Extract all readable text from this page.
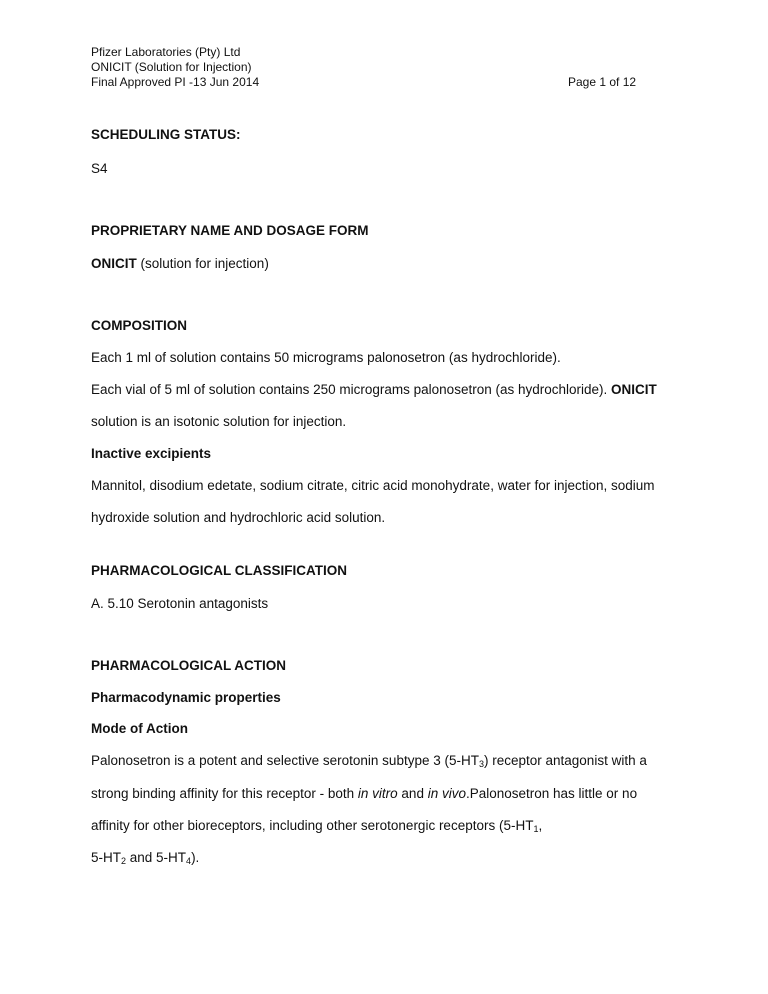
Pfizer Laboratories (Pty) Ltd
ONICIT (Solution for Injection)
Final Approved PI -13 Jun 2014	Page 1 of 12
SCHEDULING STATUS:
S4
PROPRIETARY NAME AND DOSAGE FORM
ONICIT (solution for injection)
COMPOSITION
Each 1 ml of solution contains 50 micrograms palonosetron (as hydrochloride).
Each vial of 5 ml of solution contains 250 micrograms palonosetron (as hydrochloride). ONICIT
solution is an isotonic solution for injection.
Inactive excipients
Mannitol, disodium edetate, sodium citrate, citric acid monohydrate, water for injection, sodium
hydroxide solution and hydrochloric acid solution.
PHARMACOLOGICAL CLASSIFICATION
A. 5.10 Serotonin antagonists
PHARMACOLOGICAL ACTION
Pharmacodynamic properties
Mode of Action
Palonosetron is a potent and selective serotonin subtype 3 (5-HT3) receptor antagonist with a
strong binding affinity for this receptor - both in vitro and in vivo.Palonosetron has little or no
affinity for other bioreceptors, including other serotonergic receptors (5-HT1,
5-HT2 and 5-HT4).
